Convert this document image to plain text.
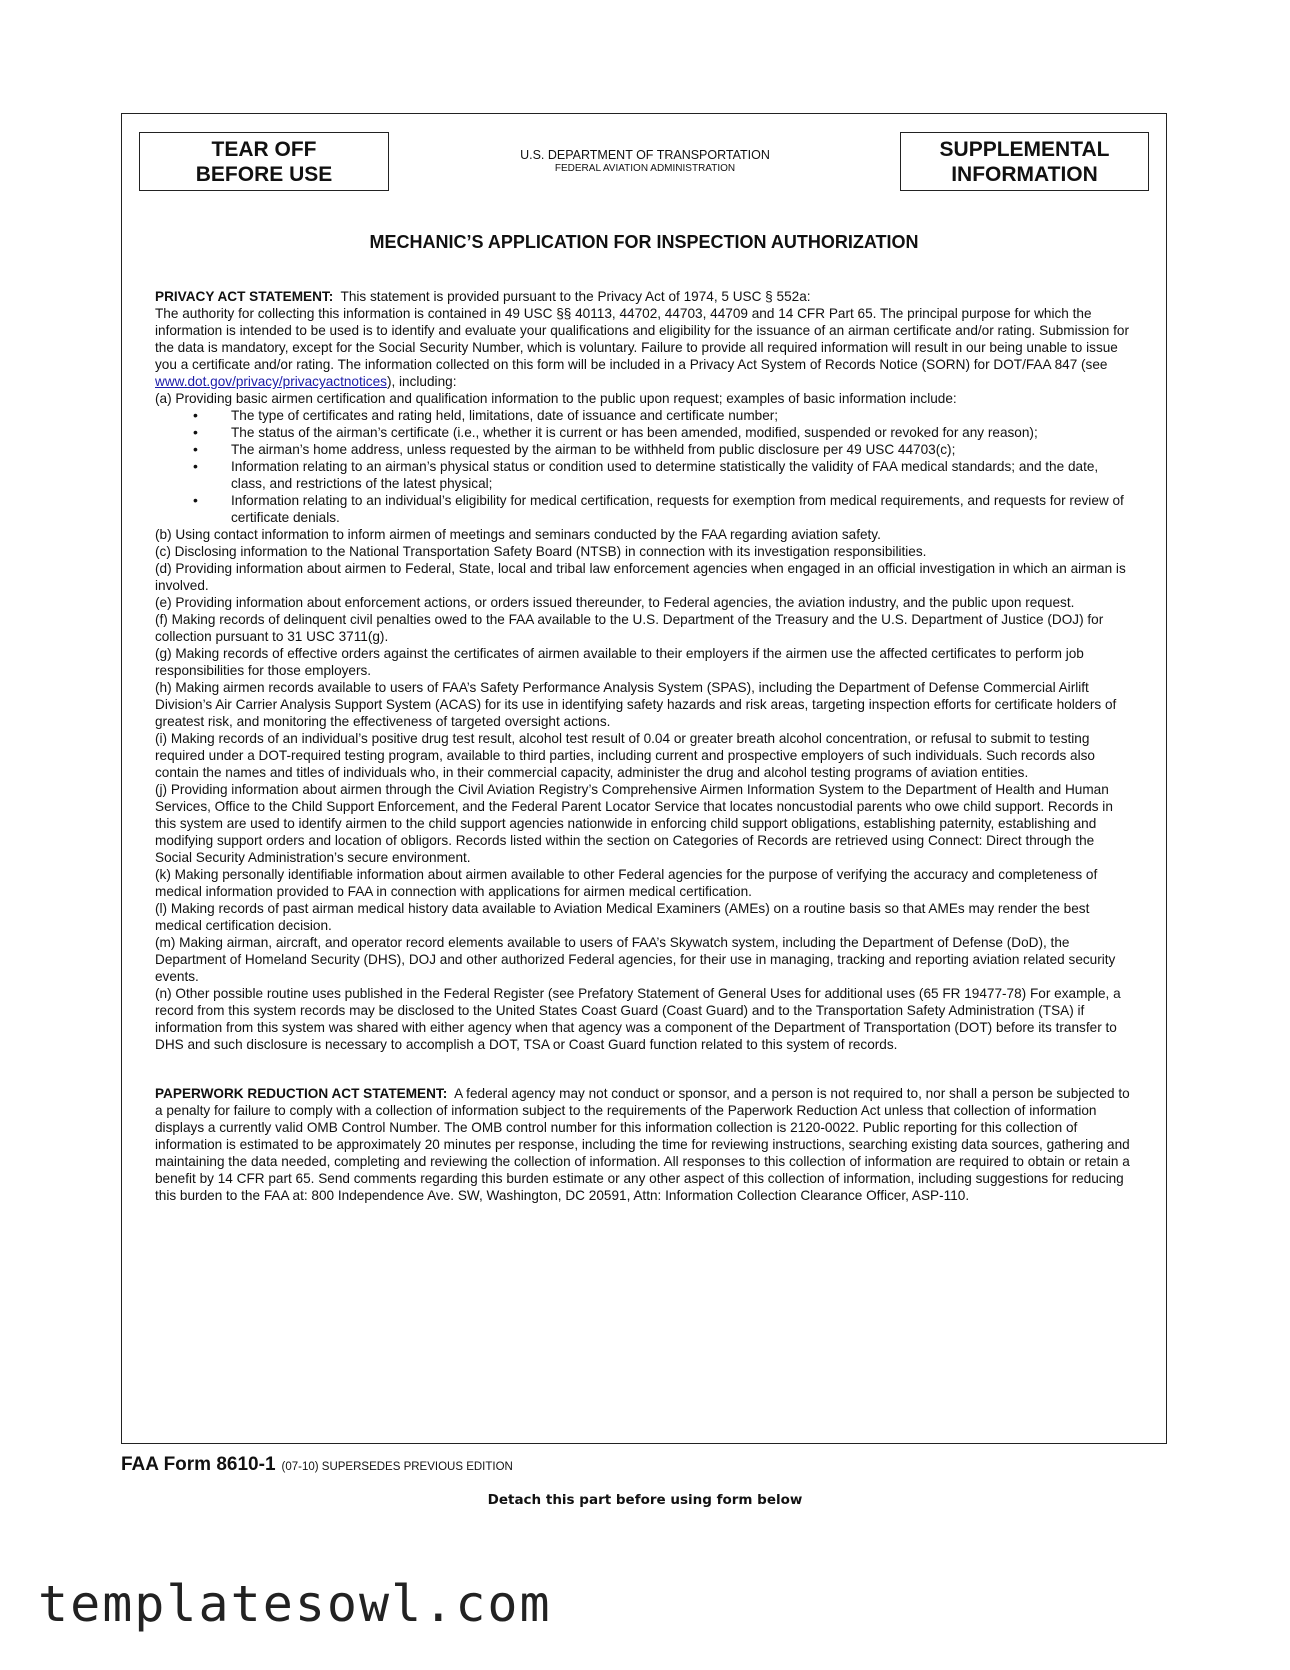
TEAR OFF
BEFORE USE
U.S. DEPARTMENT OF TRANSPORTATION
FEDERAL AVIATION ADMINISTRATION
SUPPLEMENTAL
INFORMATION
MECHANIC’S APPLICATION FOR INSPECTION AUTHORIZATION

PRIVACY ACT STATEMENT: This statement is provided pursuant to the Privacy Act of 1974, 5 USC § 552a:

The authority for collecting this information is contained in 49 USC §§ 40113, 44702, 44703, 44709 and 14 CFR Part 65. The principal purpose for which the information is intended to be used is to identify and evaluate your qualifications and eligibility for the issuance of an airman certificate and/or rating. Submission for the data is mandatory, except for the Social Security Number, which is voluntary. Failure to provide all required information will result in our being unable to issue you a certificate and/or rating. The information collected on this form will be included in a Privacy Act System of Records Notice (SORN) for DOT/FAA 847 (see www.dot.gov/privacy/privacyactnotices), including:

(a) Providing basic airmen certification and qualification information to the public upon request; examples of basic information include:

• The type of certificates and rating held, limitations, date of issuance and certificate number;
• The status of the airman’s certificate (i.e., whether it is current or has been amended, modified, suspended or revoked for any reason);
• The airman’s home address, unless requested by the airman to be withheld from public disclosure per 49 USC 44703(c);
• Information relating to an airman’s physical status or condition used to determine statistically the validity of FAA medical standards; and the date, class, and restrictions of the latest physical;
• Information relating to an individual’s eligibility for medical certification, requests for exemption from medical requirements, and requests for review of certificate denials.

(b) Using contact information to inform airmen of meetings and seminars conducted by the FAA regarding aviation safety.

(c) Disclosing information to the National Transportation Safety Board (NTSB) in connection with its investigation responsibilities.

(d) Providing information about airmen to Federal, State, local and tribal law enforcement agencies when engaged in an official investigation in which an airman is involved.

(e) Providing information about enforcement actions, or orders issued thereunder, to Federal agencies, the aviation industry, and the public upon request.

(f) Making records of delinquent civil penalties owed to the FAA available to the U.S. Department of the Treasury and the U.S. Department of Justice (DOJ) for collection pursuant to 31 USC 3711(g).

(g) Making records of effective orders against the certificates of airmen available to their employers if the airmen use the affected certificates to perform job responsibilities for those employers.

(h) Making airmen records available to users of FAA’s Safety Performance Analysis System (SPAS), including the Department of Defense Commercial Airlift Division’s Air Carrier Analysis Support System (ACAS) for its use in identifying safety hazards and risk areas, targeting inspection efforts for certificate holders of greatest risk, and monitoring the effectiveness of targeted oversight actions.

(i) Making records of an individual’s positive drug test result, alcohol test result of 0.04 or greater breath alcohol concentration, or refusal to submit to testing required under a DOT-required testing program, available to third parties, including current and prospective employers of such individuals. Such records also contain the names and titles of individuals who, in their commercial capacity, administer the drug and alcohol testing programs of aviation entities.

(j) Providing information about airmen through the Civil Aviation Registry’s Comprehensive Airmen Information System to the Department of Health and Human Services, Office to the Child Support Enforcement, and the Federal Parent Locator Service that locates noncustodial parents who owe child support. Records in this system are used to identify airmen to the child support agencies nationwide in enforcing child support obligations, establishing paternity, establishing and modifying support orders and location of obligors. Records listed within the section on Categories of Records are retrieved using Connect: Direct through the Social Security Administration’s secure environment.

(k) Making personally identifiable information about airmen available to other Federal agencies for the purpose of verifying the accuracy and completeness of medical information provided to FAA in connection with applications for airmen medical certification.

(l) Making records of past airman medical history data available to Aviation Medical Examiners (AMEs) on a routine basis so that AMEs may render the best medical certification decision.

(m) Making airman, aircraft, and operator record elements available to users of FAA’s Skywatch system, including the Department of Defense (DoD), the Department of Homeland Security (DHS), DOJ and other authorized Federal agencies, for their use in managing, tracking and reporting aviation related security events.

(n) Other possible routine uses published in the Federal Register (see Prefatory Statement of General Uses for additional uses (65 FR 19477-78) For example, a record from this system records may be disclosed to the United States Coast Guard (Coast Guard) and to the Transportation Safety Administration (TSA) if information from this system was shared with either agency when that agency was a component of the Department of Transportation (DOT) before its transfer to DHS and such disclosure is necessary to accomplish a DOT, TSA or Coast Guard function related to this system of records.

PAPERWORK REDUCTION ACT STATEMENT: A federal agency may not conduct or sponsor, and a person is not required to, nor shall a person be subjected to a penalty for failure to comply with a collection of information subject to the requirements of the Paperwork Reduction Act unless that collection of information displays a currently valid OMB Control Number. The OMB control number for this information collection is 2120-0022. Public reporting for this collection of information is estimated to be approximately 20 minutes per response, including the time for reviewing instructions, searching existing data sources, gathering and maintaining the data needed, completing and reviewing the collection of information. All responses to this collection of information are required to obtain or retain a benefit by 14 CFR part 65. Send comments regarding this burden estimate or any other aspect of this collection of information, including suggestions for reducing this burden to the FAA at: 800 Independence Ave. SW, Washington, DC 20591, Attn: Information Collection Clearance Officer, ASP-110.

FAA Form 8610-1 (07-10) SUPERSEDES PREVIOUS EDITION
Detach this part before using form below
templatesowl.com
